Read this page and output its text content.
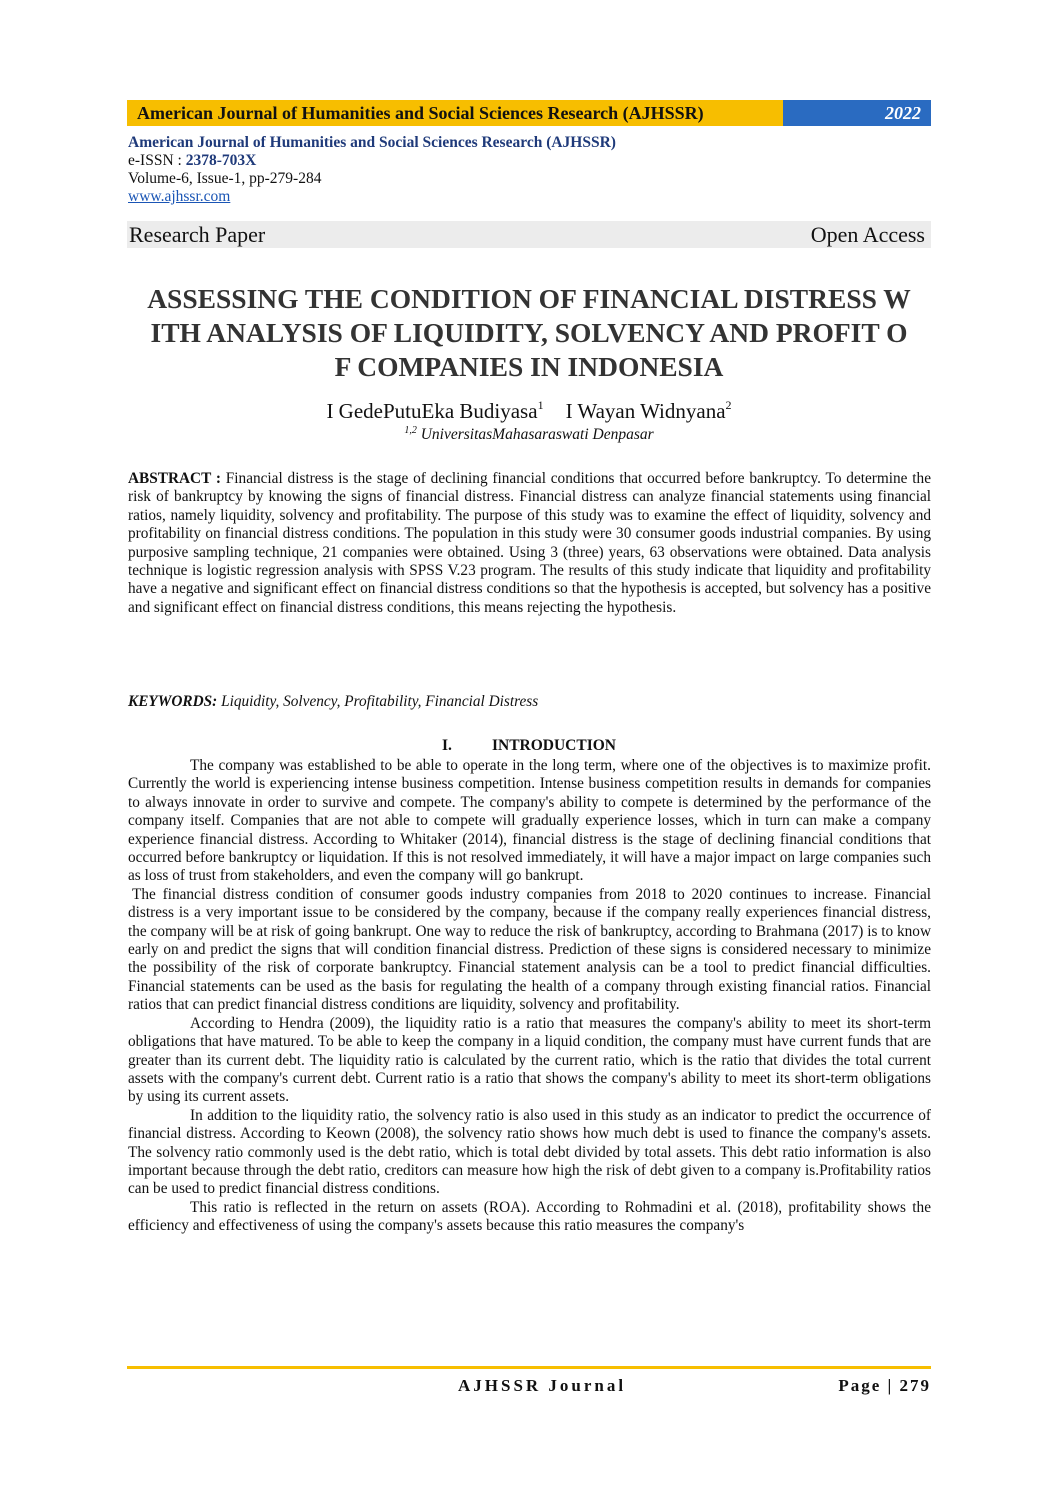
American Journal of Humanities and Social Sciences Research (AJHSSR)	2022
American Journal of Humanities and Social Sciences Research (AJHSSR)
e-ISSN : 2378-703X
Volume-6, Issue-1, pp-279-284
www.ajhssr.com
Research Paper	Open Access
ASSESSING THE CONDITION OF FINANCIAL DISTRESS W
ITH ANALYSIS OF LIQUIDITY, SOLVENCY AND PROFIT O
F COMPANIES IN INDONESIA
I GedePutuEka Budiyasa$^1$ I Wayan Widnyana$^2$
$^{1,2}$ UniversitasMahasaraswati Denpasar
ABSTRACT : Financial distress is the stage of declining financial conditions that occurred before bankruptcy. To determine the risk of bankruptcy by knowing the signs of financial distress. Financial distress can analyze financial statements using financial ratios, namely liquidity, solvency and profitability. The purpose of this study was to examine the effect of liquidity, solvency and profitability on financial distress conditions. The population in this study were 30 consumer goods industrial companies. By using purposive sampling technique, 21 companies were obtained. Using 3 (three) years, 63 observations were obtained. Data analysis technique is logistic regression analysis with SPSS V.23 program. The results of this study indicate that liquidity and profitability have a negative and significant effect on financial distress conditions so that the hypothesis is accepted, but solvency has a positive and significant effect on financial distress conditions, this means rejecting the hypothesis.
KEYWORDS: Liquidity, Solvency, Profitability, Financial Distress
I.	INTRODUCTION

The company was established to be able to operate in the long term, where one of the objectives is to maximize profit. Currently the world is experiencing intense business competition. Intense business competition results in demands for companies to always innovate in order to survive and compete. The company's ability to compete is determined by the performance of the company itself. Companies that are not able to compete will gradually experience losses, which in turn can make a company experience financial distress. According to Whitaker (2014), financial distress is the stage of declining financial conditions that occurred before bankruptcy or liquidation. If this is not resolved immediately, it will have a major impact on large companies such as loss of trust from stakeholders, and even the company will go bankrupt.

The financial distress condition of consumer goods industry companies from 2018 to 2020 continues to increase. Financial distress is a very important issue to be considered by the company, because if the company really experiences financial distress, the company will be at risk of going bankrupt. One way to reduce the risk of bankruptcy, according to Brahmana (2017) is to know early on and predict the signs that will condition financial distress. Prediction of these signs is considered necessary to minimize the possibility of the risk of corporate bankruptcy. Financial statement analysis can be a tool to predict financial difficulties. Financial statements can be used as the basis for regulating the health of a company through existing financial ratios. Financial ratios that can predict financial distress conditions are liquidity, solvency and profitability.

According to Hendra (2009), the liquidity ratio is a ratio that measures the company's ability to meet its short-term obligations that have matured. To be able to keep the company in a liquid condition, the company must have current funds that are greater than its current debt. The liquidity ratio is calculated by the current ratio, which is the ratio that divides the total current assets with the company's current debt. Current ratio is a ratio that shows the company's ability to meet its short-term obligations by using its current assets.

In addition to the liquidity ratio, the solvency ratio is also used in this study as an indicator to predict the occurrence of financial distress. According to Keown (2008), the solvency ratio shows how much debt is used to finance the company's assets. The solvency ratio commonly used is the debt ratio, which is total debt divided by total assets. This debt ratio information is also important because through the debt ratio, creditors can measure how high the risk of debt given to a company is.Profitability ratios can be used to predict financial distress conditions.

This ratio is reflected in the return on assets (ROA). According to Rohmadini et al. (2018), profitability shows the efficiency and effectiveness of using the company's assets because this ratio measures the company's

AJHSSR Journal	Page | 279
